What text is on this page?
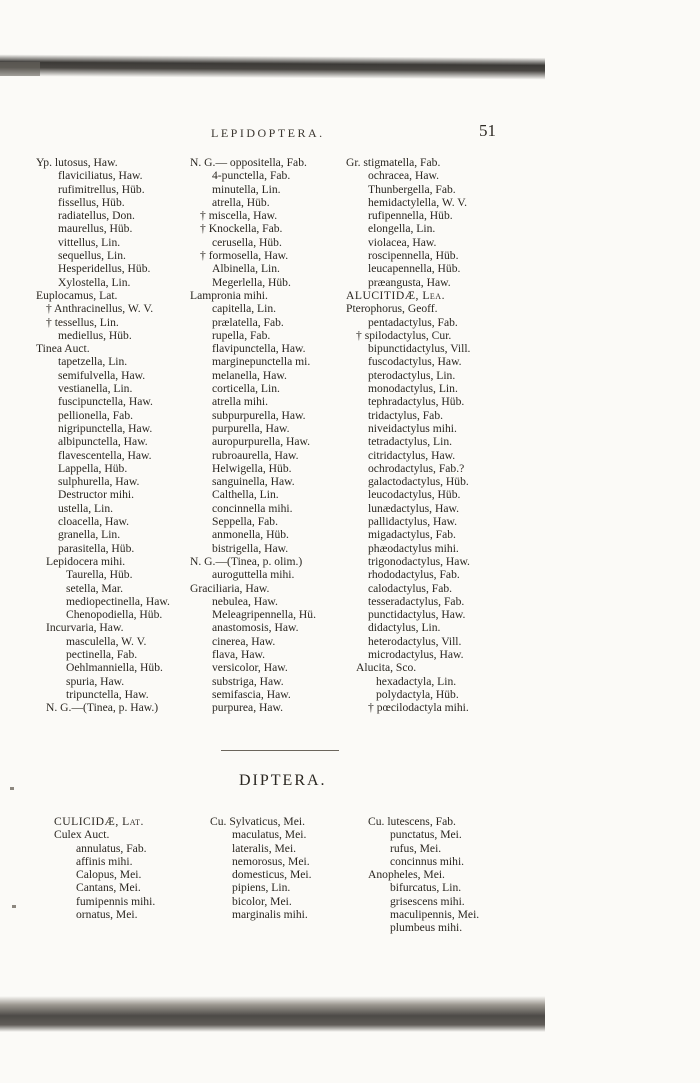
LEPIDOPTERA.	51
Yp. lutosus, Haw.
flaviciliatus, Haw.
rufimitrellus, Hüb.
fissellus, Hüb.
radiatellus, Don.
maurellus, Hüb.
vittellus, Lin.
sequellus, Lin.
Hesperidellus, Hüb.
Xylostella, Lin.
Euplocamus, Lat.
† Anthracinellus, W. V.
† tessellus, Lin.
mediellus, Hüb.
Tinea Auct.
tapetzella, Lin.
semifulvella, Haw.
vestianella, Lin.
fuscipunctella, Haw.
pellionella, Fab.
nigripunctella, Haw.
albipunctella, Haw.
flavescentella, Haw.
Lappella, Hüb.
sulphurella, Haw.
Destructor mihi.
ustella, Lin.
cloacella, Haw.
granella, Lin.
parasitella, Hüb.
Lepidocera mihi.
Taurella, Hüb.
setella, Mar.
mediopectinella, Haw.
Chenopodiella, Hüb.
Incurvaria, Haw.
masculella, W. V.
pectinella, Fab.
Oehlmanniella, Hüb.
spuria, Haw.
tripunctella, Haw.
N. G.—(Tinea, p. Haw.)
N. G.— oppositella, Fab.
4-punctella, Fab.
minutella, Lin.
atrella, Hüb.
† miscella, Haw.
† Knockella, Fab.
cerusella, Hüb.
† formosella, Haw.
Albinella, Lin.
Megerlella, Hüb.
Lampronia mihi.
capitella, Lin.
prælatella, Fab.
rupella, Fab.
flavipunctella, Haw.
marginepunctella mi.
melanella, Haw.
corticella, Lin.
atrella mihi.
subpurpurella, Haw.
purpurella, Haw.
auropurpurella, Haw.
rubroaurella, Haw.
Helwigella, Hüb.
sanguinella, Haw.
Calthella, Lin.
concinnella mihi.
Seppella, Fab.
anmonella, Hüb.
bistrigella, Haw.
N. G.—(Tinea, p. olim.)
auroguttella mihi.
Graciliaria, Haw.
nebulea, Haw.
Meleagripennella, Hü.
anastomosis, Haw.
cinerea, Haw.
flava, Haw.
versicolor, Haw.
substriga, Haw.
semifascia, Haw.
purpurea, Haw.
Gr. stigmatella, Fab.
ochracea, Haw.
Thunbergella, Fab.
hemidactylella, W. V.
rufipennella, Hüb.
elongella, Lin.
violacea, Haw.
roscipennella, Hüb.
leucapennella, Hüb.
præangusta, Haw.
ALUCITIDÆ, Lea.
Pterophorus, Geoff.
pentadactylus, Fab.
† spilodactylus, Cur.
bipunctidactylus, Vill.
fuscodactylus, Haw.
pterodactylus, Lin.
monodactylus, Lin.
tephradactylus, Hüb.
tridactylus, Fab.
niveidactylus mihi.
tetradactylus, Lin.
citridactylus, Haw.
ochrodactylus, Fab.?
galactodactylus, Hüb.
leucodactylus, Hüb.
lunædactylus, Haw.
pallidactylus, Haw.
migadactylus, Fab.
phæodactylus mihi.
trigonodactylus, Haw.
rhododactylus, Fab.
calodactylus, Fab.
tesseradactylus, Fab.
punctidactylus, Haw.
didactylus, Lin.
heterodactylus, Vill.
microdactylus, Haw.
Alucita, Sco.
hexadactyla, Lin.
polydactyla, Hüb.
† pœcilodactyla mihi.
DIPTERA.
CULICIDÆ, Lat.
Culex Auct.
annulatus, Fab.
affinis mihi.
Calopus, Mei.
Cantans, Mei.
fumipennis mihi.
ornatus, Mei.
Cu. Sylvaticus, Mei.
maculatus, Mei.
lateralis, Mei.
nemorosus, Mei.
domesticus, Mei.
pipiens, Lin.
bicolor, Mei.
marginalis mihi.
Cu. lutescens, Fab.
punctatus, Mei.
rufus, Mei.
concinnus mihi.
Anopheles, Mei.
bifurcatus, Lin.
grisescens mihi.
maculipennis, Mei.
plumbeus mihi.
